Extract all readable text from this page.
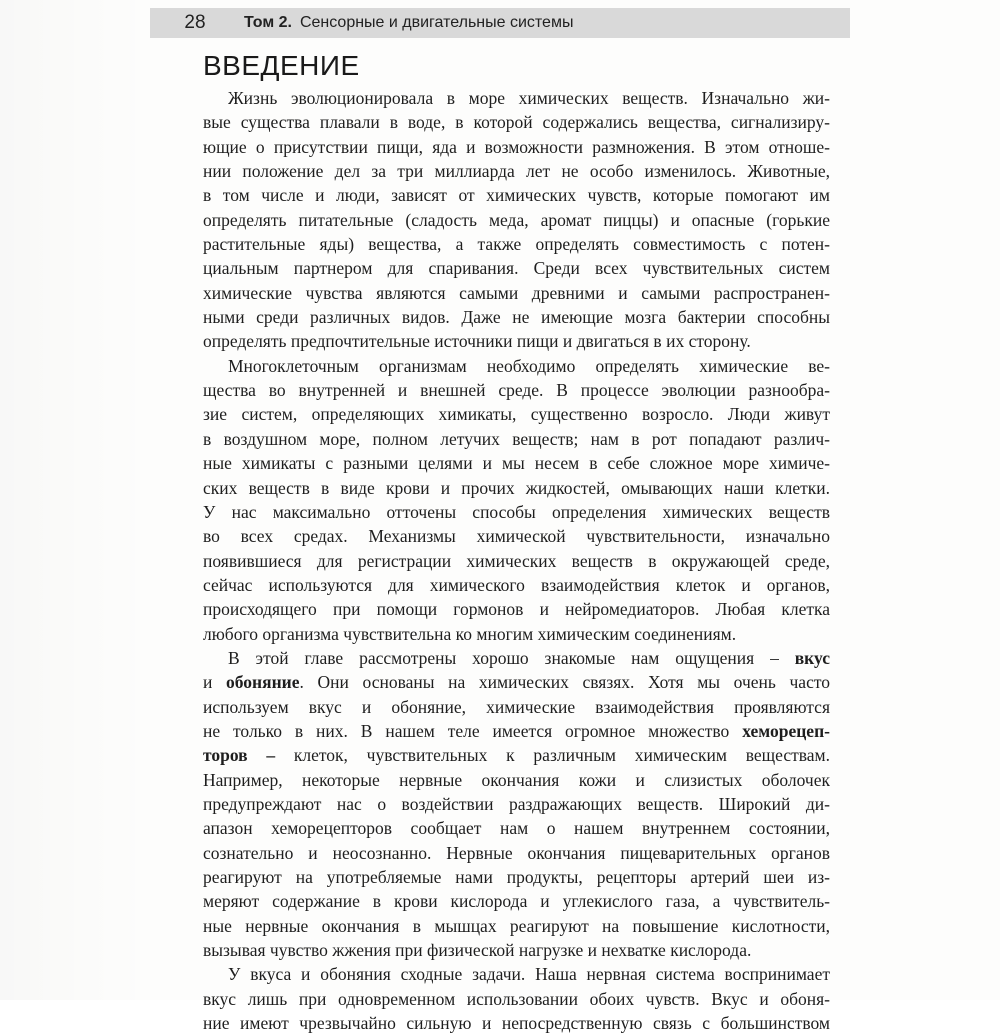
28	Том 2. Сенсорные и двигательные системы
ВВЕДЕНИЕ
Жизнь эволюционировала в море химических веществ. Изначально жи-
вые существа плавали в воде, в которой содержались вещества, сигнализиру-
ющие о присутствии пищи, яда и возможности размножения. В этом отноше-
нии положение дел за три миллиарда лет не особо изменилось. Животные,
в том числе и люди, зависят от химических чувств, которые помогают им
определять питательные (сладость меда, аромат пиццы) и опасные (горькие
растительные яды) вещества, а также определять совместимость с потен-
циальным партнером для спаривания. Среди всех чувствительных систем
химические чувства являются самыми древними и самыми распространен-
ными среди различных видов. Даже не имеющие мозга бактерии способны
определять предпочтительные источники пищи и двигаться в их сторону.
Многоклеточным организмам необходимо определять химические ве-
щества во внутренней и внешней среде. В процессе эволюции разнообра-
зие систем, определяющих химикаты, существенно возросло. Люди живут
в воздушном море, полном летучих веществ; нам в рот попадают различ-
ные химикаты с разными целями и мы несем в себе сложное море химиче-
ских веществ в виде крови и прочих жидкостей, омывающих наши клетки.
У нас максимально отточены способы определения химических веществ
во всех средах. Механизмы химической чувствительности, изначально
появившиеся для регистрации химических веществ в окружающей среде,
сейчас используются для химического взаимодействия клеток и органов,
происходящего при помощи гормонов и нейромедиаторов. Любая клетка
любого организма чувствительна ко многим химическим соединениям.
В этой главе рассмотрены хорошо знакомые нам ощущения – вкус
и обоняние. Они основаны на химических связях. Хотя мы очень часто
используем вкус и обоняние, химические взаимодействия проявляются
не только в них. В нашем теле имеется огромное множество хеморецеп-
торов – клеток, чувствительных к различным химическим веществам.
Например, некоторые нервные окончания кожи и слизистых оболочек
предупреждают нас о воздействии раздражающих веществ. Широкий ди-
апазон хеморецепторов сообщает нам о нашем внутреннем состоянии,
сознательно и неосознанно. Нервные окончания пищеварительных органов
реагируют на употребляемые нами продукты, рецепторы артерий шеи из-
меряют содержание в крови кислорода и углекислого газа, а чувствитель-
ные нервные окончания в мышцах реагируют на повышение кислотности,
вызывая чувство жжения при физической нагрузке и нехватке кислорода.
У вкуса и обоняния сходные задачи. Наша нервная система воспринимает
вкус лишь при одновременном использовании обоих чувств. Вкус и обоня-
ние имеют чрезвычайно сильную и непосредственную связь с большинством
